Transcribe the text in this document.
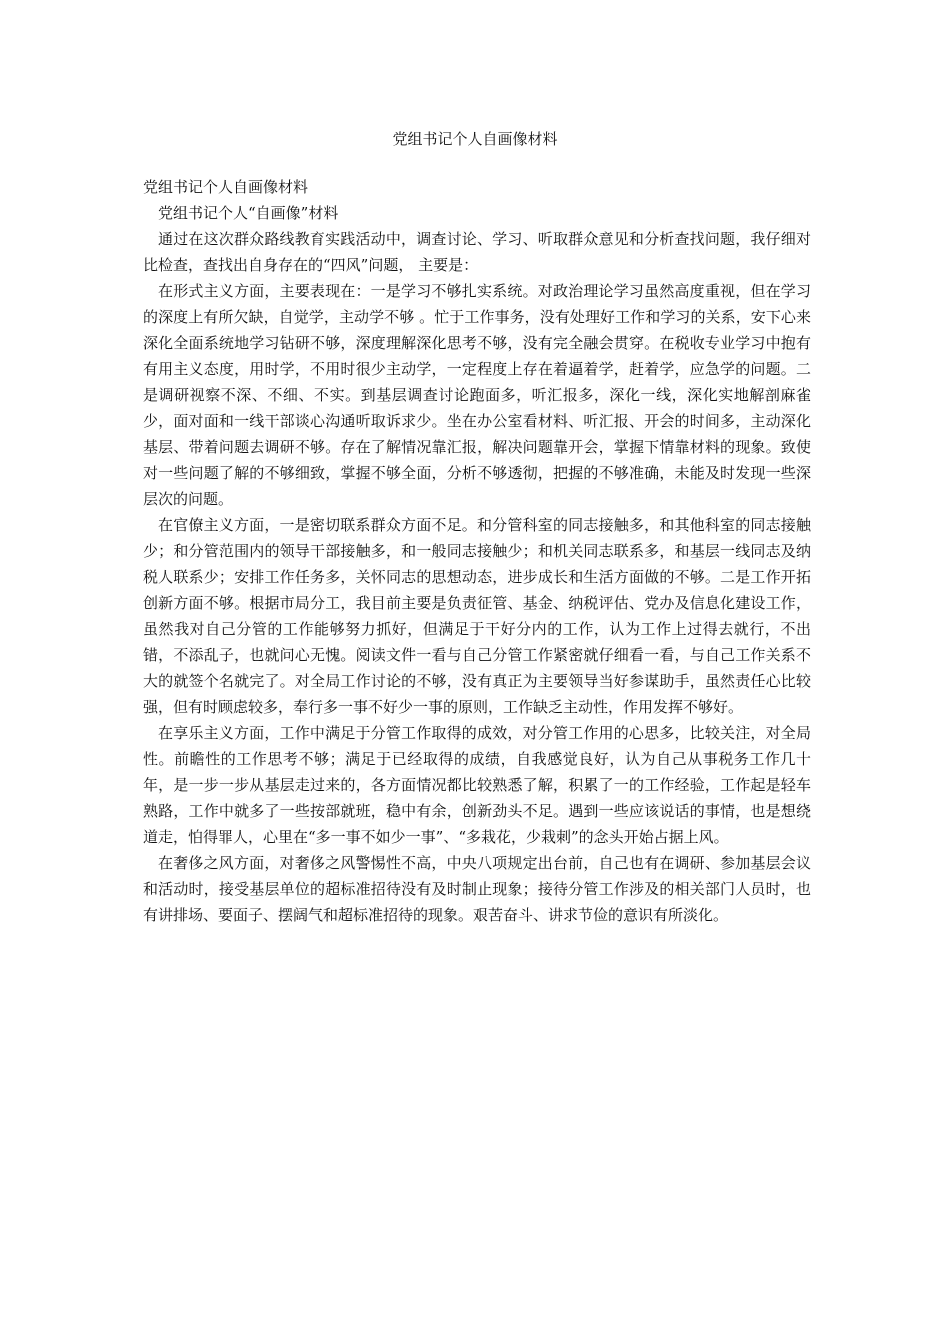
党组书记个人自画像材料

党组书记个人自画像材料

党组书记个人“自画像”材料

通过在这次群众路线教育实践活动中，调查讨论、学习、听取群众意见和分析查找问题，我仔细对比检查，查找出自身存在的“四风”问题， 主要是：

在形式主义方面，主要表现在：一是学习不够扎实系统。对政治理论学习虽然高度重视，但在学习的深度上有所欠缺，自觉学，主动学不够 。忙于工作事务，没有处理好工作和学习的关系，安下心来深化全面系统地学习钻研不够，深度理解深化思考不够，没有完全融会贯穿。在税收专业学习中抱有有用主义态度，用时学，不用时很少主动学，一定程度上存在着逼着学，赶着学，应急学的问题。二是调研视察不深、不细、不实。到基层调查讨论跑面多，听汇报多，深化一线，深化实地解剖麻雀少，面对面和一线干部谈心沟通听取诉求少。坐在办公室看材料、听汇报、开会的时间多，主动深化基层、带着问题去调研不够。存在了解情况靠汇报，解决问题靠开会，掌握下情靠材料的现象。致使对一些问题了解的不够细致，掌握不够全面，分析不够透彻，把握的不够准确，未能及时发现一些深层次的问题。

在官僚主义方面，一是密切联系群众方面不足。和分管科室的同志接触多，和其他科室的同志接触少；和分管范围内的领导干部接触多，和一般同志接触少；和机关同志联系多，和基层一线同志及纳税人联系少；安排工作任务多，关怀同志的思想动态，进步成长和生活方面做的不够。二是工作开拓创新方面不够。根据市局分工，我目前主要是负责征管、基金、纳税评估、党办及信息化建设工作，虽然我对自己分管的工作能够努力抓好，但满足于干好分内的工作，认为工作上过得去就行，不出错，不添乱子，也就问心无愧。阅读文件一看与自己分管工作紧密就仔细看一看，与自己工作关系不大的就签个名就完了。对全局工作讨论的不够，没有真正为主要领导当好参谋助手，虽然责任心比较强，但有时顾虑较多，奉行多一事不好少一事的原则，工作缺乏主动性，作用发挥不够好。

在享乐主义方面，工作中满足于分管工作取得的成效，对分管工作用的心思多，比较关注，对全局性。前瞻性的工作思考不够；满足于已经取得的成绩，自我感觉良好，认为自己从事税务工作几十年，是一步一步从基层走过来的，各方面情况都比较熟悉了解，积累了一的工作经验，工作起是轻车熟路，工作中就多了一些按部就班，稳中有余，创新劲头不足。遇到一些应该说话的事情，也是想绕道走，怕得罪人，心里在“多一事不如少一事”、“多栽花，少栽刺”的念头开始占据上风。

在奢侈之风方面，对奢侈之风警惕性不高，中央八项规定出台前，自己也有在调研、参加基层会议和活动时，接受基层单位的超标准招待没有及时制止现象；接待分管工作涉及的相关部门人员时，也有讲排场、要面子、摆阔气和超标准招待的现象。艰苦奋斗、讲求节俭的意识有所淡化。
